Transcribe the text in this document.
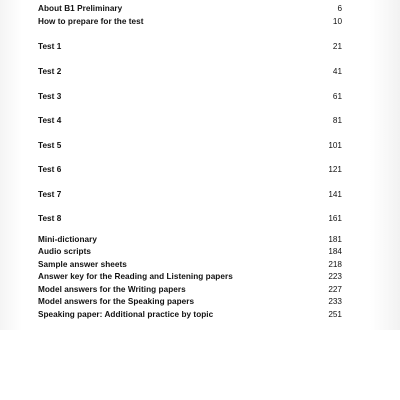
About B1 Preliminary	6
How to prepare for the test	10
Test 1	21
Test 2	41
Test 3	61
Test 4	81
Test 5	101
Test 6	121
Test 7	141
Test 8	161
Mini-dictionary	181
Audio scripts	184
Sample answer sheets	218
Answer key for the Reading and Listening papers	223
Model answers for the Writing papers	227
Model answers for the Speaking papers	233
Speaking paper: Additional practice by topic	251
